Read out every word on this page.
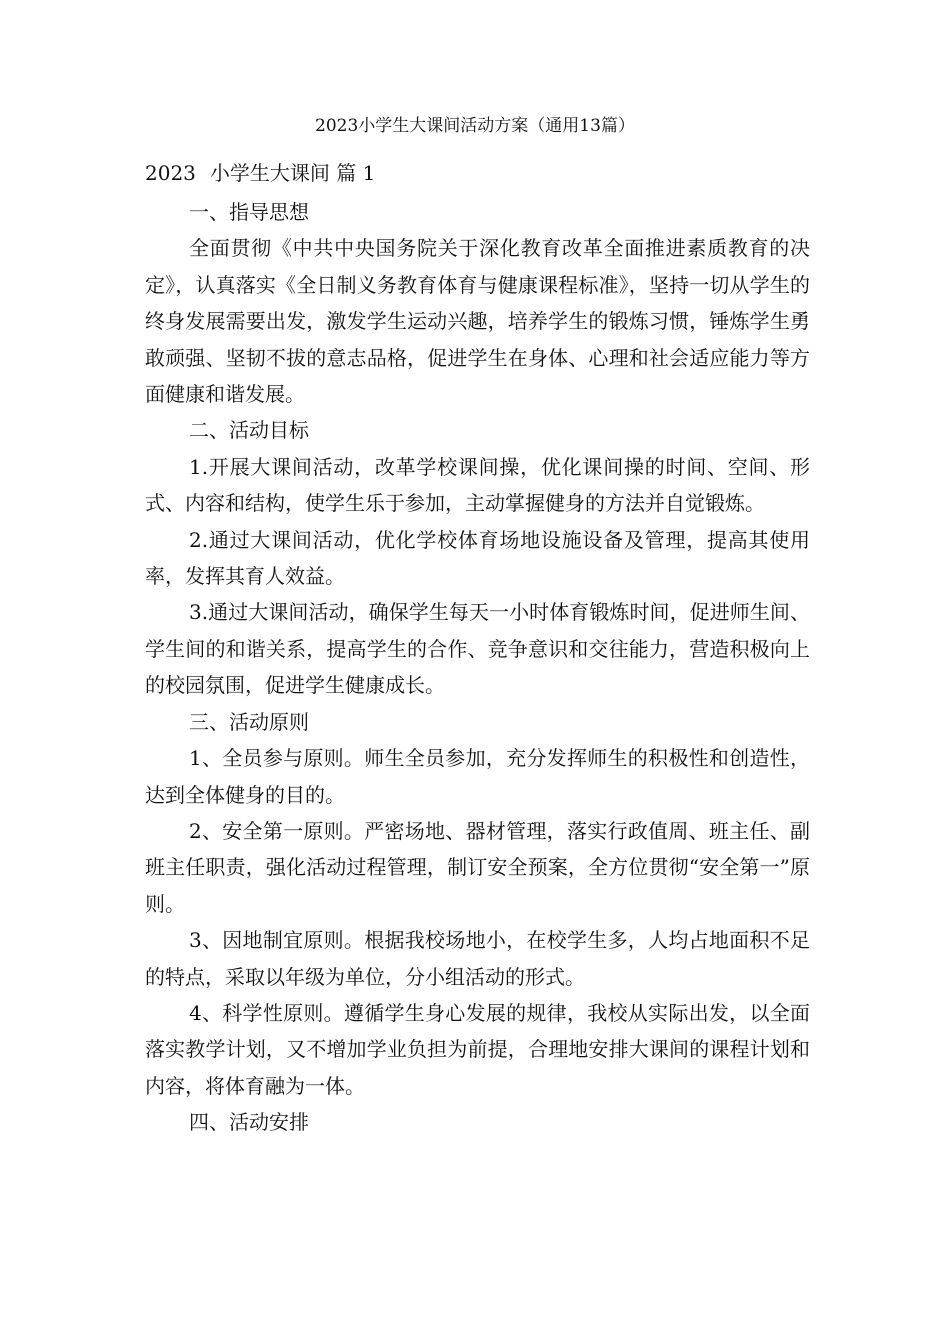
2023小学生大课间活动方案（通用13篇）
2023 小学生大课间 篇 1

一、指导思想

全面贯彻《中共中央国务院关于深化教育改革全面推进素质教育的决定》，认真落实《全日制义务教育体育与健康课程标准》，坚持一切从学生的终身发展需要出发，激发学生运动兴趣，培养学生的锻炼习惯，锤炼学生勇敢顽强、坚韧不拔的意志品格，促进学生在身体、心理和社会适应能力等方面健康和谐发展。

二、活动目标

1.开展大课间活动，改革学校课间操，优化课间操的时间、空间、形式、内容和结构，使学生乐于参加，主动掌握健身的方法并自觉锻炼。

2.通过大课间活动，优化学校体育场地设施设备及管理，提高其使用率，发挥其育人效益。

3.通过大课间活动，确保学生每天一小时体育锻炼时间，促进师生间、学生间的和谐关系，提高学生的合作、竞争意识和交往能力，营造积极向上的校园氛围，促进学生健康成长。

三、活动原则

1、全员参与原则。师生全员参加，充分发挥师生的积极性和创造性，达到全体健身的目的。

2、安全第一原则。严密场地、器材管理，落实行政值周、班主任、副班主任职责，强化活动过程管理，制订安全预案，全方位贯彻“安全第一”原则。

3、因地制宜原则。根据我校场地小，在校学生多，人均占地面积不足的特点，采取以年级为单位，分小组活动的形式。

4、科学性原则。遵循学生身心发展的规律，我校从实际出发，以全面落实教学计划，又不增加学业负担为前提，合理地安排大课间的课程计划和内容，将体育融为一体。

四、活动安排
